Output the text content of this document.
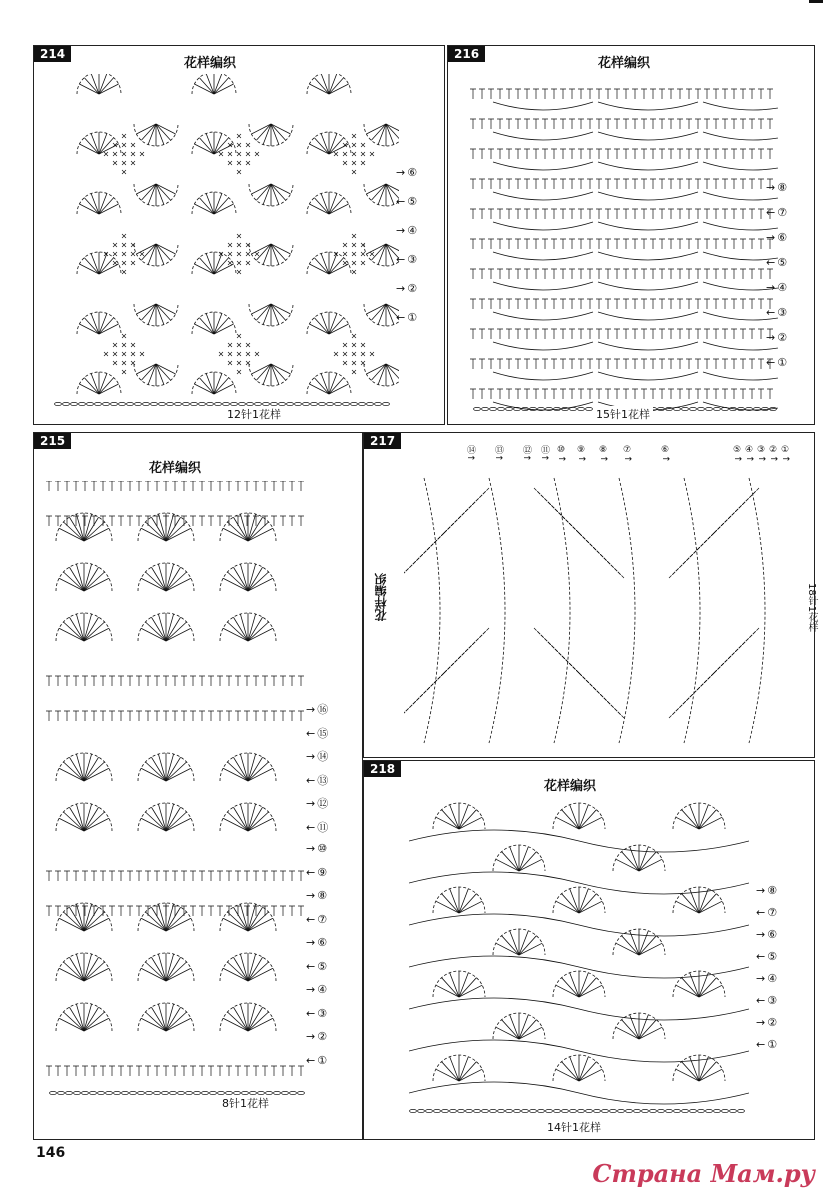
214
花样编织
→ ⑥
← ⑤
→ ④
← ③
→ ②
← ①
12针1花样
216
花样编织
→ ⑧
← ⑦
→ ⑥
← ⑤
→ ④
← ③
→ ②
← ①
15针1花样
215
花样编织
→ ⑯
← ⑮
→ ⑭
← ⑬
→ ⑫
← ⑪
→ ⑩
← ⑨
→ ⑧
← ⑦
→ ⑥
← ⑤
→ ④
← ③
→ ②
← ①
8针1花样
217
花样编织
⑭↑ ⑬↑ ⑫↑ ⑪↑ ⑩↑ ⑨↑ ⑧↑ ⑦↑	⑥↑	⑤↑ ④↑ ③↑ ②↑ ①↑
18针1花样
218
花样编织
→ ⑧
← ⑦
→ ⑥
← ⑤
→ ④
← ③
→ ②
← ①
14针1花样
146
Страна Мам.ру
